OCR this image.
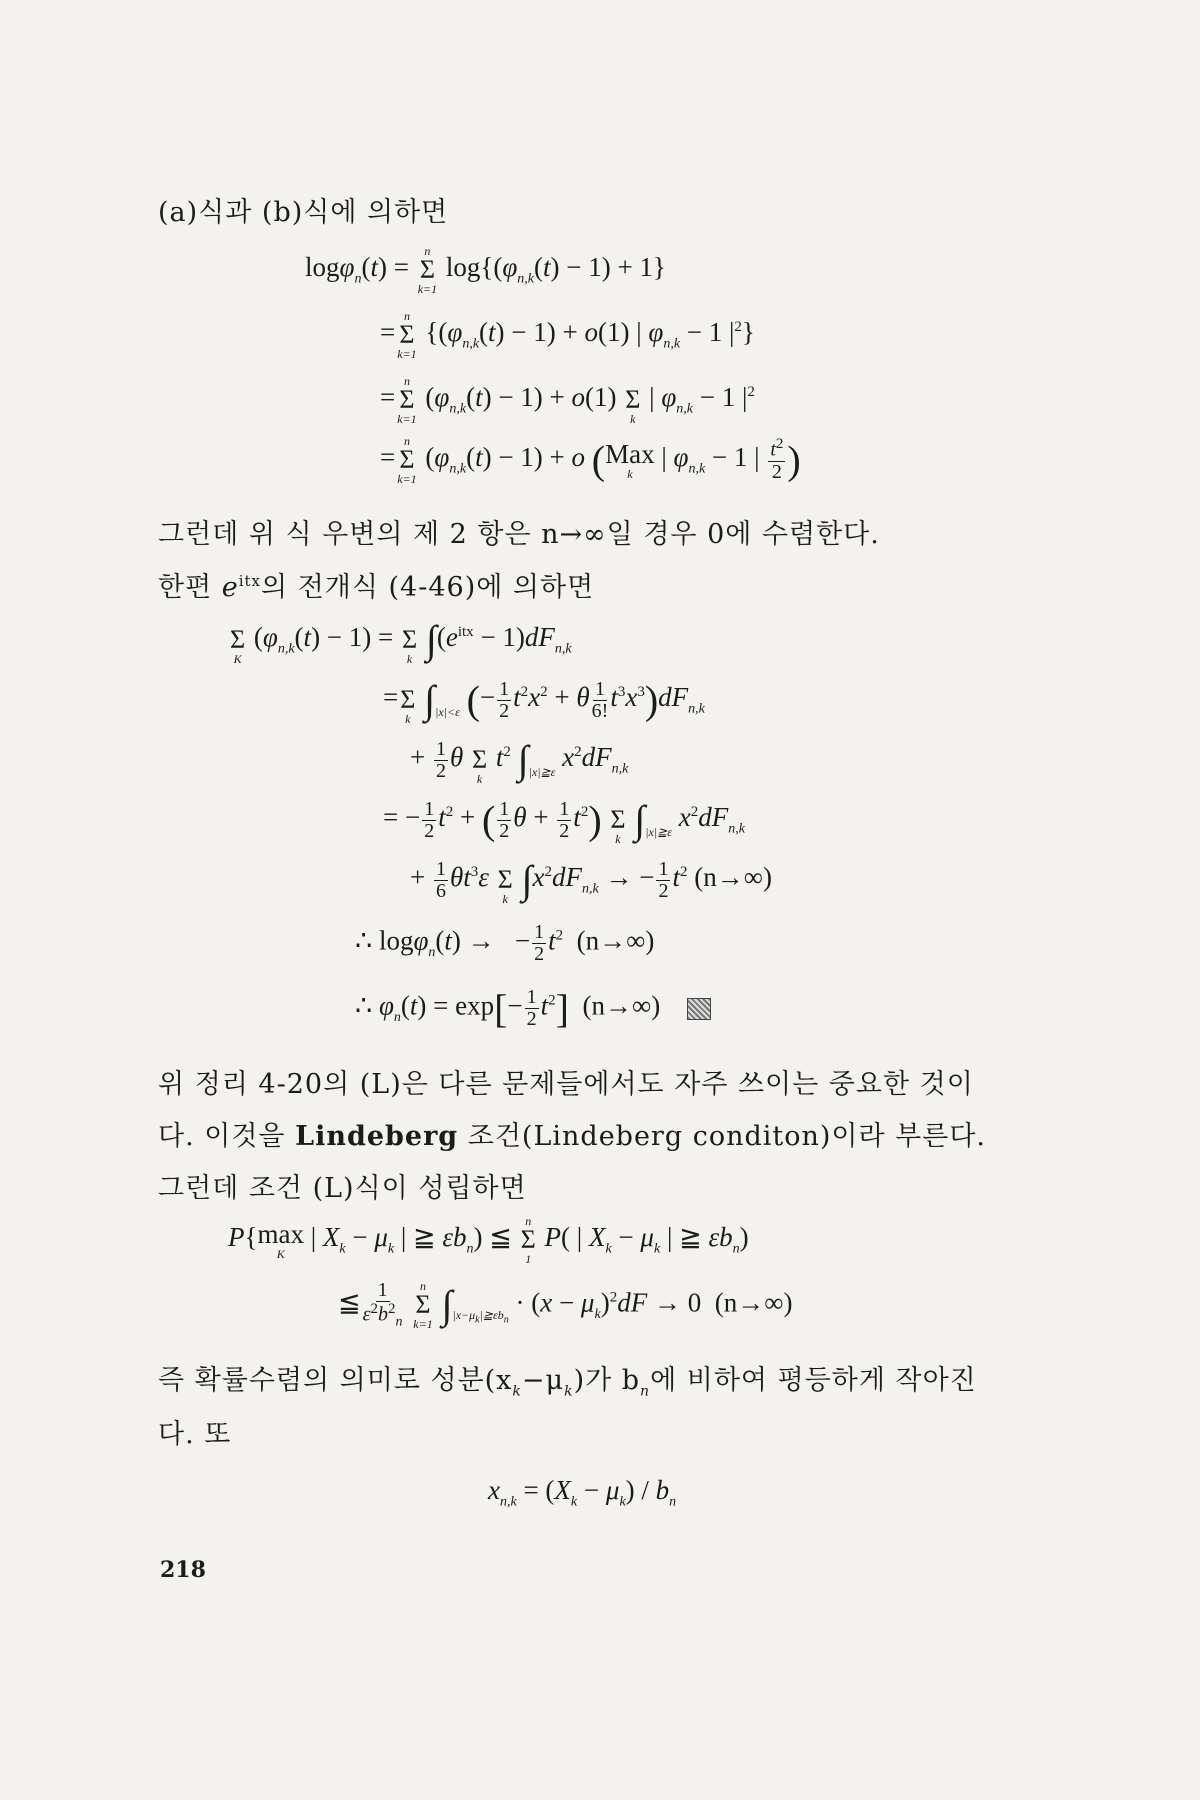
(a)식과 (b)식에 의하면
logφ$_n$(t) =
n
Σ
k=1
$\log\{(\varphi_{n,k}(t) - 1) + 1\}$
=
n
Σ
k=1
{$(\varphi_{n,k}(t) - 1) + o(1)$ | $\varphi_{n,k} - 1$ $|^2$}
=
n
Σ
k=1
$(\varphi_{n,k}(t) - 1) + o(1)$
Σ
k
| $\varphi_{n,k} - 1$ $|^2$
=
n
Σ
k=1
$(\varphi_{n,k}(t) - 1) + o$ (Max
k
| $\varphi_{n,k} - 1$ | $\frac{t^2}{2}$ )
그런데 위 식 우변의 제 2 항은 n→∞일 경우 0에 수렴한다.
한편 $e^{itx}$의 전개식 (4-46)에 의하면

Σ
K
$(\varphi_{n,k}(t) - 1)$ =
Σ
k
∫ $(e^{itx} - 1)dF_{n,k}$
=
Σ
k
∫ |x|<ε (− $\frac{1}{2} t^2x^2 + \theta \frac{1}{6!} t^3x^3)dF_{n,k}$
+ $\frac{1}{2}$ θ
Σ
k
$t^2$ ∫ |x|≧ε $x^2dF_{n,k}$
= − $\frac{1}{2} t^2$ + ( $\frac{1}{2}$ $\theta + \frac{1}{2} t^2$)
Σ
k
∫ |x|≧ε $x^2dF_{n,k}$
+ $\frac{1}{6} \theta t^3\varepsilon$
Σ
k
∫ $x^2dF_{n,k}$ → − $\frac{1}{2} t^2$ (n→∞)
∴ logφ$_n$(t) →   − $\frac{1}{2} t^2$ (n→∞)
∴ $\varphi_n(t) = \exp[- \frac{1}{2} t^2]$ (n→∞)
위 정리 4-20의 (L)은 다른 문제들에서도 자주 쓰이는 중요한 것이
다. 이것을 Lindeberg 조건(Lindeberg conditon)이라 부른다.
그런데 조건 (L)식이 성립하면
P{max
K
| $X_k - \mu_k$ | ≧ $\varepsilon b_n$) ≦
n
Σ
1
P( | $X_k - \mu_k$ | ≧ $\varepsilon b_n$)
≦ $\frac{1}{\varepsilon^2b^2_n}$
n
Σ
k=1
∫ $|x-\mu_k|≧\varepsilon b_n$
· $(x - \mu_k)^2dF \to 0$  (n→∞)
즉 확률수렴의 의미로 성분$(x_k-\mu_k)$가 $b_n$에 비하여 평등하게 작아진
다. 또
$x_{n,k} = (X_k - \mu_k) / b_n$
218
